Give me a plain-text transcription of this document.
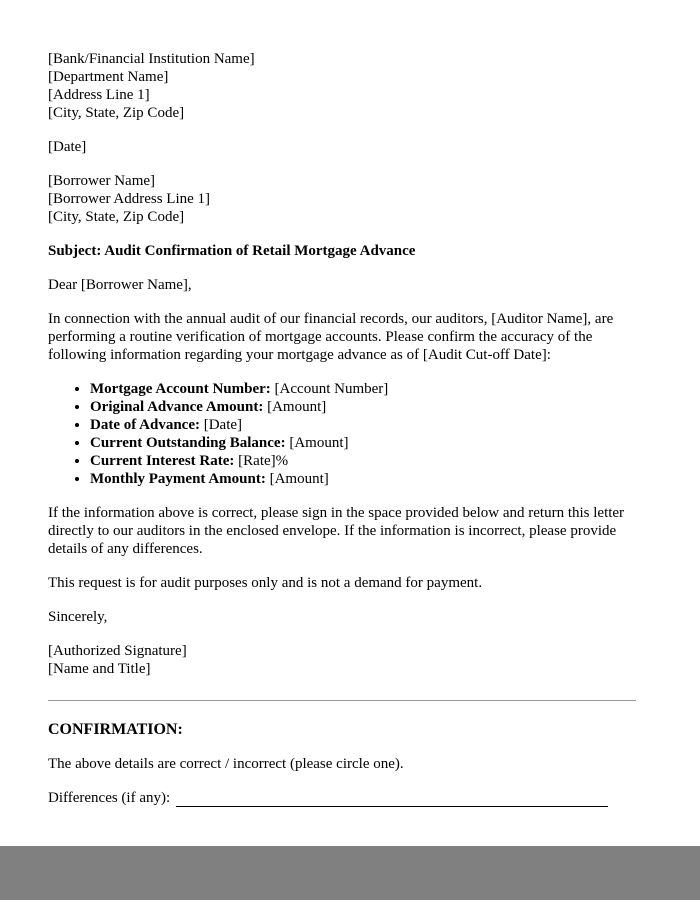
[Bank/Financial Institution Name]
[Department Name]
[Address Line 1]
[City, State, Zip Code]
[Date]
[Borrower Name]
[Borrower Address Line 1]
[City, State, Zip Code]
Subject: Audit Confirmation of Retail Mortgage Advance
Dear [Borrower Name],
In connection with the annual audit of our financial records, our auditors, [Auditor Name], are performing a routine verification of mortgage accounts. Please confirm the accuracy of the following information regarding your mortgage advance as of [Audit Cut-off Date]:
• Mortgage Account Number: [Account Number]
• Original Advance Amount: [Amount]
• Date of Advance: [Date]
• Current Outstanding Balance: [Amount]
• Current Interest Rate: [Rate]%
• Monthly Payment Amount: [Amount]
If the information above is correct, please sign in the space provided below and return this letter directly to our auditors in the enclosed envelope. If the information is incorrect, please provide details of any differences.
This request is for audit purposes only and is not a demand for payment.
Sincerely,
[Authorized Signature]
[Name and Title]
CONFIRMATION:
The above details are correct / incorrect (please circle one).
Differences (if any):
